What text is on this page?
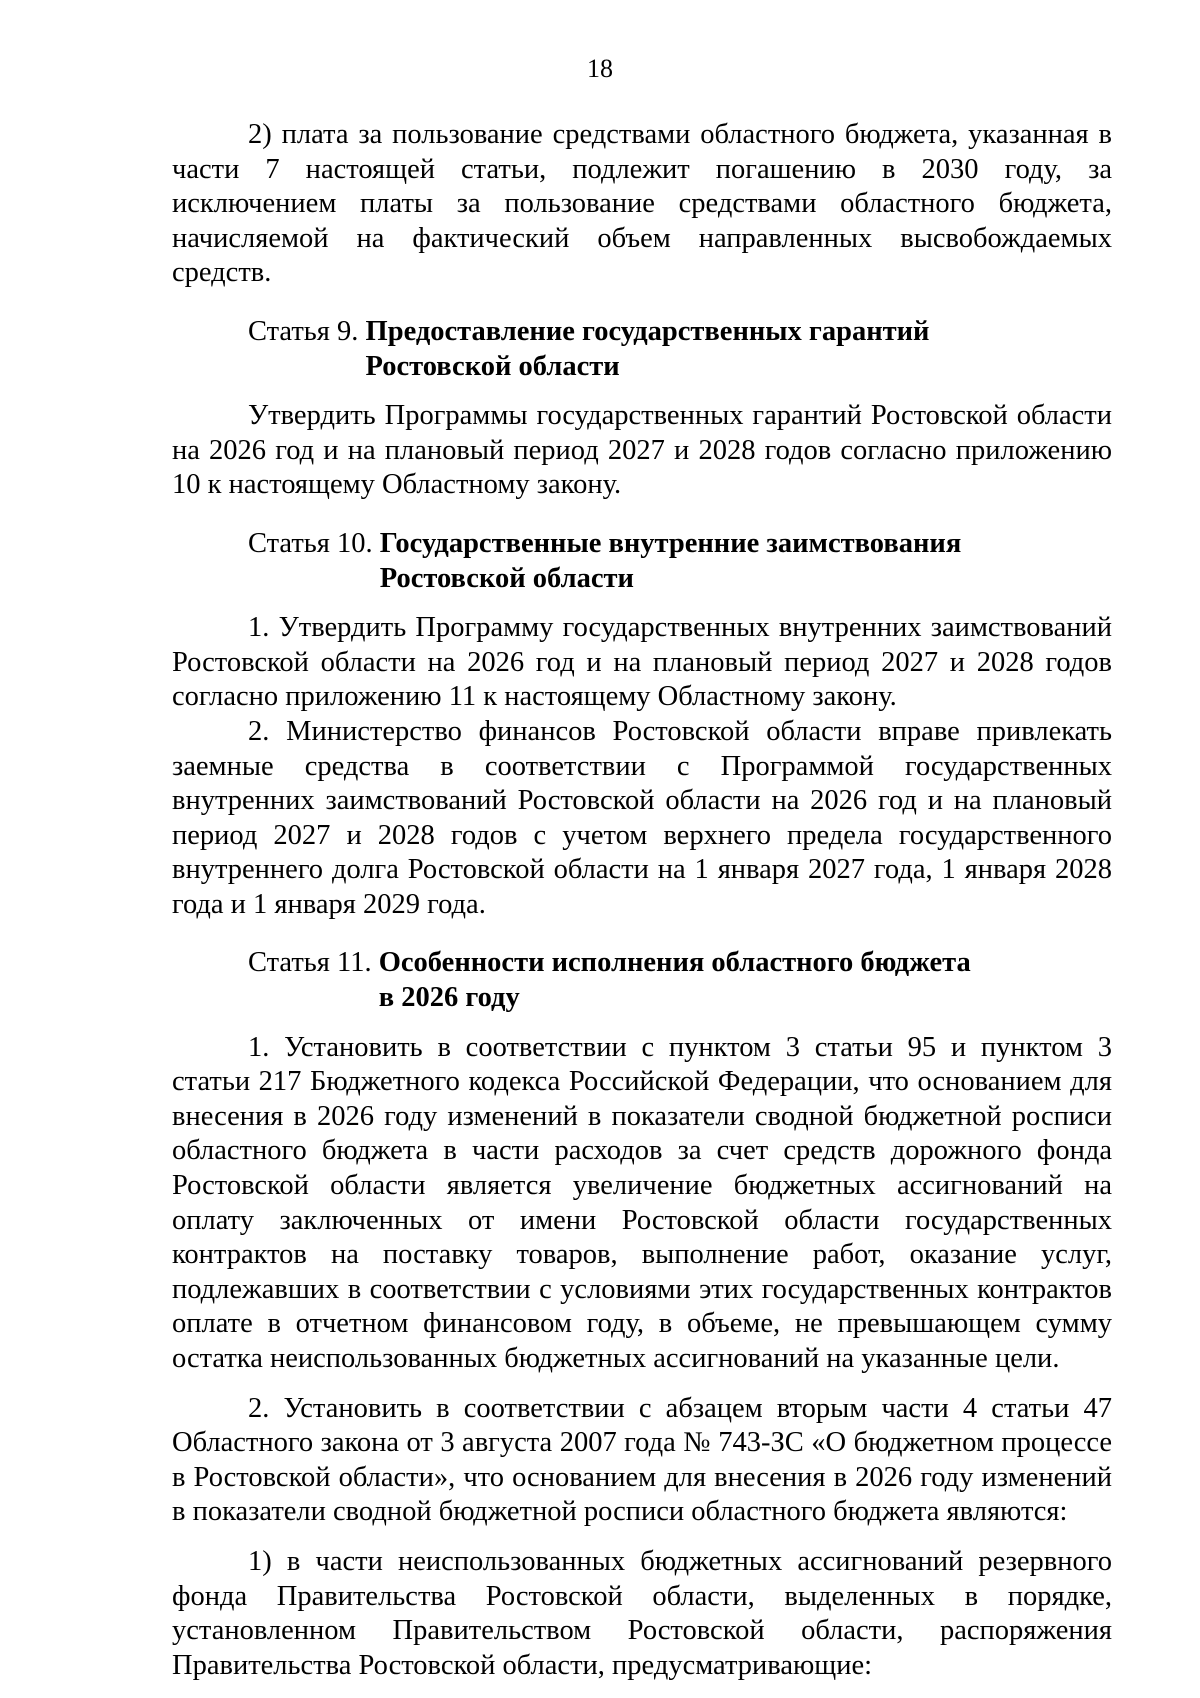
18

2) плата за пользование средствами областного бюджета, указанная в части 7 настоящей статьи, подлежит погашению в 2030 году, за исключением платы за пользование средствами областного бюджета, начисляемой на фактический объем направленных высвобождаемых средств.

Статья 9. Предоставление государственных гарантий
Ростовской области

Утвердить Программы государственных гарантий Ростовской области на 2026 год и на плановый период 2027 и 2028 годов согласно приложению 10 к настоящему Областному закону.

Статья 10. Государственные внутренние заимствования
Ростовской области

1. Утвердить Программу государственных внутренних заимствований Ростовской области на 2026 год и на плановый период 2027 и 2028 годов согласно приложению 11 к настоящему Областному закону.

2. Министерство финансов Ростовской области вправе привлекать заемные средства в соответствии с Программой государственных внутренних заимствований Ростовской области на 2026 год и на плановый период 2027 и 2028 годов с учетом верхнего предела государственного внутреннего долга Ростовской области на 1 января 2027 года, 1 января 2028 года и 1 января 2029 года.

Статья 11. Особенности исполнения областного бюджета
в 2026 году

1. Установить в соответствии с пунктом 3 статьи 95 и пунктом 3 статьи 217 Бюджетного кодекса Российской Федерации, что основанием для внесения в 2026 году изменений в показатели сводной бюджетной росписи областного бюджета в части расходов за счет средств дорожного фонда Ростовской области является увеличение бюджетных ассигнований на оплату заключенных от имени Ростовской области государственных контрактов на поставку товаров, выполнение работ, оказание услуг, подлежавших в соответствии с условиями этих государственных контрактов оплате в отчетном финансовом году, в объеме, не превышающем сумму остатка неиспользованных бюджетных ассигнований на указанные цели.

2. Установить в соответствии с абзацем вторым части 4 статьи 47 Областного закона от 3 августа 2007 года № 743-ЗС «О бюджетном процессе в Ростовской области», что основанием для внесения в 2026 году изменений в показатели сводной бюджетной росписи областного бюджета являются:

1) в части неиспользованных бюджетных ассигнований резервного фонда Правительства Ростовской области, выделенных в порядке, установленном Правительством Ростовской области, распоряжения Правительства Ростовской области, предусматривающие:
